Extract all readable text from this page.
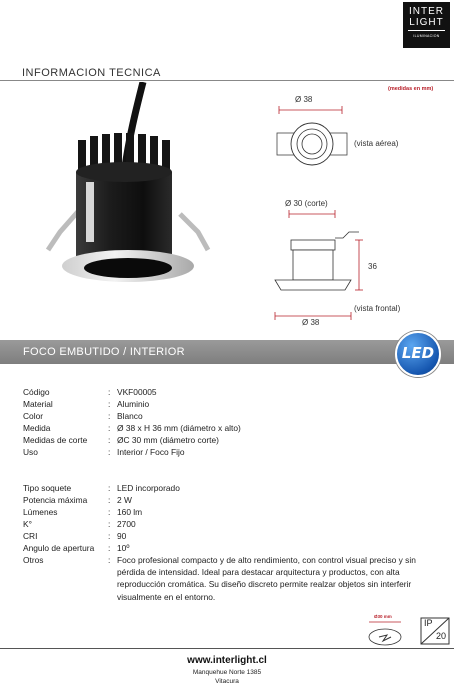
INTER
LIGHT
ILUMINACION
INFORMACION TECNICA
(medidas en mm)
Ø 38
(vista aérea)
Ø 30 (corte)
36
Ø 38
(vista frontal)
FOCO EMBUTIDO / INTERIOR	LED
Código	: VKF00005
Material	: Aluminio
Color	: Blanco
Medida	: Ø 38 x H 36 mm (diámetro x alto)
Medidas de corte	: ØC 30 mm (diámetro corte)
Uso	: Interior / Foco Fijo
Tipo soquete	: LED incorporado
Potencia máxima	: 2 W
Lúmenes	: 160 lm
K°	: 2700
CRI	: 90
Angulo de apertura	: 10º
Otros	: Foco profesional compacto y de alto rendimiento, con control visual preciso y sin pérdida de intensidad. Ideal para destacar arquitectura y productos, con alta reproducción cromática. Su diseño discreto permite realzar objetos sin interferir visualmente en el entorno.
Ø30 mm
IP
20
www.interlight.cl
Manquehue Norte 1385
Vitacura
